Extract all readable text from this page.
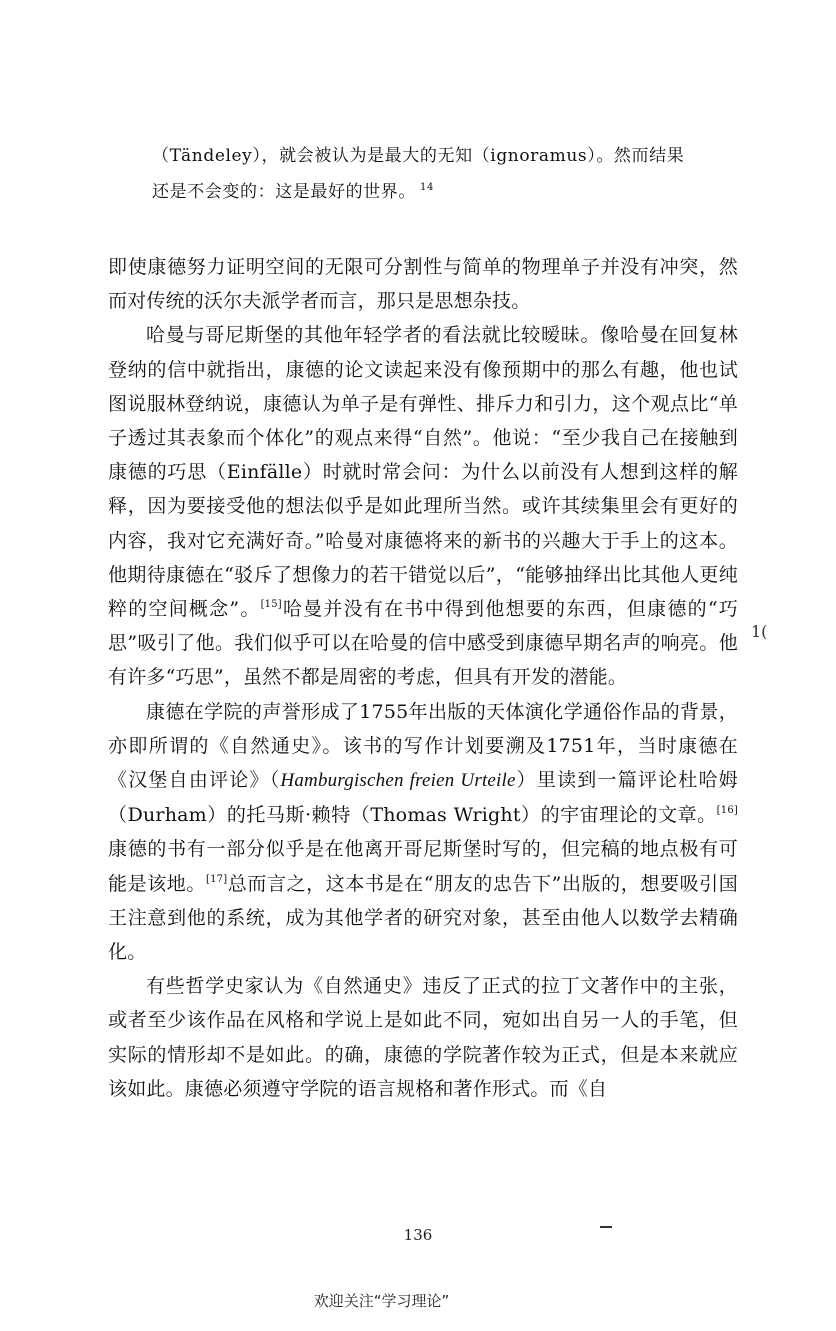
（Tändeley），就会被认为是最大的无知（ignoramus）。然而结果

还是不会变的：这是最好的世界。 $^{14}$

即使康德努力证明空间的无限可分割性与简单的物理单子并没有冲突，然而对传统的沃尔夫派学者而言，那只是思想杂技。

哈曼与哥尼斯堡的其他年轻学者的看法就比较暧昧。像哈曼在回复林登纳的信中就指出，康德的论文读起来没有像预期中的那么有趣，他也试图说服林登纳说，康德认为单子是有弹性、排斥力和引力，这个观点比“单子透过其表象而个体化”的观点来得“自然”。他说：“至少我自己在接触到康德的巧思（Einfälle）时就时常会问：为什么以前没有人想到这样的解释，因为要接受他的想法似乎是如此理所当然。或许其续集里会有更好的内容，我对它充满好奇。”哈曼对康德将来的新书的兴趣大于手上的这本。他期待康德在“驳斥了想像力的若干错觉以后”，“能够抽绎出比其他人更纯粹的空间概念”。[15]哈曼并没有在书中得到他想要的东西，但康德的“巧思”吸引了他。我们似乎可以在哈曼的信中感受到康德早期名声的响亮。他有许多“巧思”，虽然不都是周密的考虑，但具有开发的潜能。

康德在学院的声誉形成了1755年出版的天体演化学通俗作品的背景，亦即所谓的《自然通史》。该书的写作计划要溯及1751年，当时康德在《汉堡自由评论》（Hamburgischen freien Urteile）里读到一篇评论杜哈姆（Durham）的托马斯·赖特（Thomas Wright）的宇宙理论的文章。[16]康德的书有一部分似乎是在他离开哥尼斯堡时写的，但完稿的地点极有可能是该地。[17]总而言之，这本书是在“朋友的忠告下”出版的，想要吸引国王注意到他的系统，成为其他学者的研究对象，甚至由他人以数学去精确化。

有些哲学史家认为《自然通史》违反了正式的拉丁文著作中的主张，或者至少该作品在风格和学说上是如此不同，宛如出自另一人的手笔，但实际的情形却不是如此。的确，康德的学院著作较为正式，但是本来就应该如此。康德必须遵守学院的语言规格和著作形式。而《自

1(
136
欢迎关注“学习理论”
